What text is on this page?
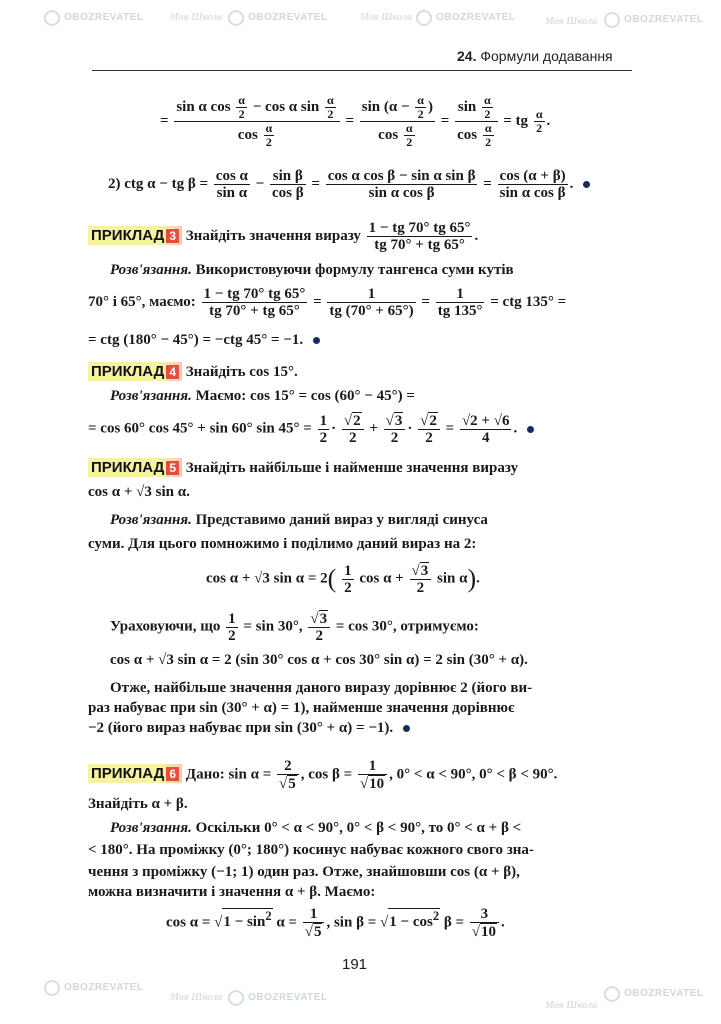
OBOZREVATEL	Моя Школа	OBOZREVATEL	Моя Школа OBOZREVATEL	Моя Школа	OBOZREVATEL
OBOZREVATEL
Моя Школа	OBOZREVATEL
Моя Школа
OBOZREVATEL
24. Формули додавання
= $\frac{\sin \alpha \cos \frac{\alpha}{2} - \cos \alpha \sin \frac{\alpha}{2}}{\cos \frac{\alpha}{2}} = \frac{\sin (\alpha - \frac{\alpha}{2} )}{\cos \frac{\alpha}{2}} = \frac{\sin \frac{\alpha}{2}}{\cos \frac{\alpha}{2}}$ = tg $\frac{\alpha}{2}$ .
2) ctg α − tg $\beta = \frac{\text{cos α}}{\text{sin α}} - \frac{\text{sin β}}{\text{cos β}} = \frac{\text{cos α cos β − sin α sin β}}{\text{sin α cos β}} = \frac{\cos (\alpha + \beta)}{\text{sin α cos β}}$ .
ПРИКЛАД 3 Знайдіть значення виразу $\frac{1 - tg 70^\circ tg 65^\circ}{tg 70^\circ + tg 65^\circ}$ .
Розв'язання. Використовуючи формулу тангенса суми кутів
70° і 65°, маємо: $\frac{1 - tg 70^\circ tg 65^\circ}{tg 70^\circ + tg 65^\circ} = \frac{1}{tg (70^\circ + 65^\circ)} = \frac{1}{tg 135^\circ}$ = ctg 135° =
= ctg (180° − 45°) = −ctg 45° = −1.
ПРИКЛАД 4 Знайдіть cos 15°.
Розв'язання. Маємо: cos 15° = cos (60° − 45°) =
= cos 60° cos 45° + sin 60° $\sin 45^\circ = \frac{1}{2} \cdot \frac{√2}{2} + \frac{√3}{2} \cdot \frac{√2}{2} = \frac{√2 + √6}{4}$ .
ПРИКЛАД 5 Знайдіть найбільше і найменше значення виразу
cos α + √3 sin α.
Розв'язання. Представимо даний вираз у вигляді синуса
суми. Для цього помножимо і поділимо даний вираз на 2:
cos α + √3 $\sin \alpha = 2( \frac{1}{2}$ $\cos \alpha + \frac{√3}{2}$ sin α).
Ураховуючи, що $\frac{1}{2} = \sin 30^\circ$, $\frac{√3}{2} = \cos 30^\circ$, отримуємо:
cos α + √3 sin α = 2 (sin 30° cos α + cos 30° sin α) = 2 sin (30° + α).
Отже, найбільше значення даного виразу дорівнює 2 (його ви-
раз набуває при sin (30° + α) = 1), найменше значення дорівнює
−2 (його вираз набуває при sin (30° + α) = −1).
ПРИКЛАД 6 Дано: $\sin \alpha = \frac{2}{√5}$ , $\cos \beta = \frac{1}{√10}$ , 0° < α < 90°, 0° < β < 90°.
Знайдіть α + β.
Розв'язання. Оскільки 0° < α < 90°, 0° < β < 90°, то 0° < α + β <
< 180°. На проміжку (0°; 180°) косинус набуває кожного свого зна-
чення з проміжку (−1; 1) один раз. Отже, знайшовши cos (α + β),
можна визначити і значення α + β. Маємо:
$\cos \alpha = √1 - \sin^2 \alpha = \frac{1}{√5}$ , $\sin \beta = √1 - \cos^2 \beta = \frac{3}{√10}$ .
191
